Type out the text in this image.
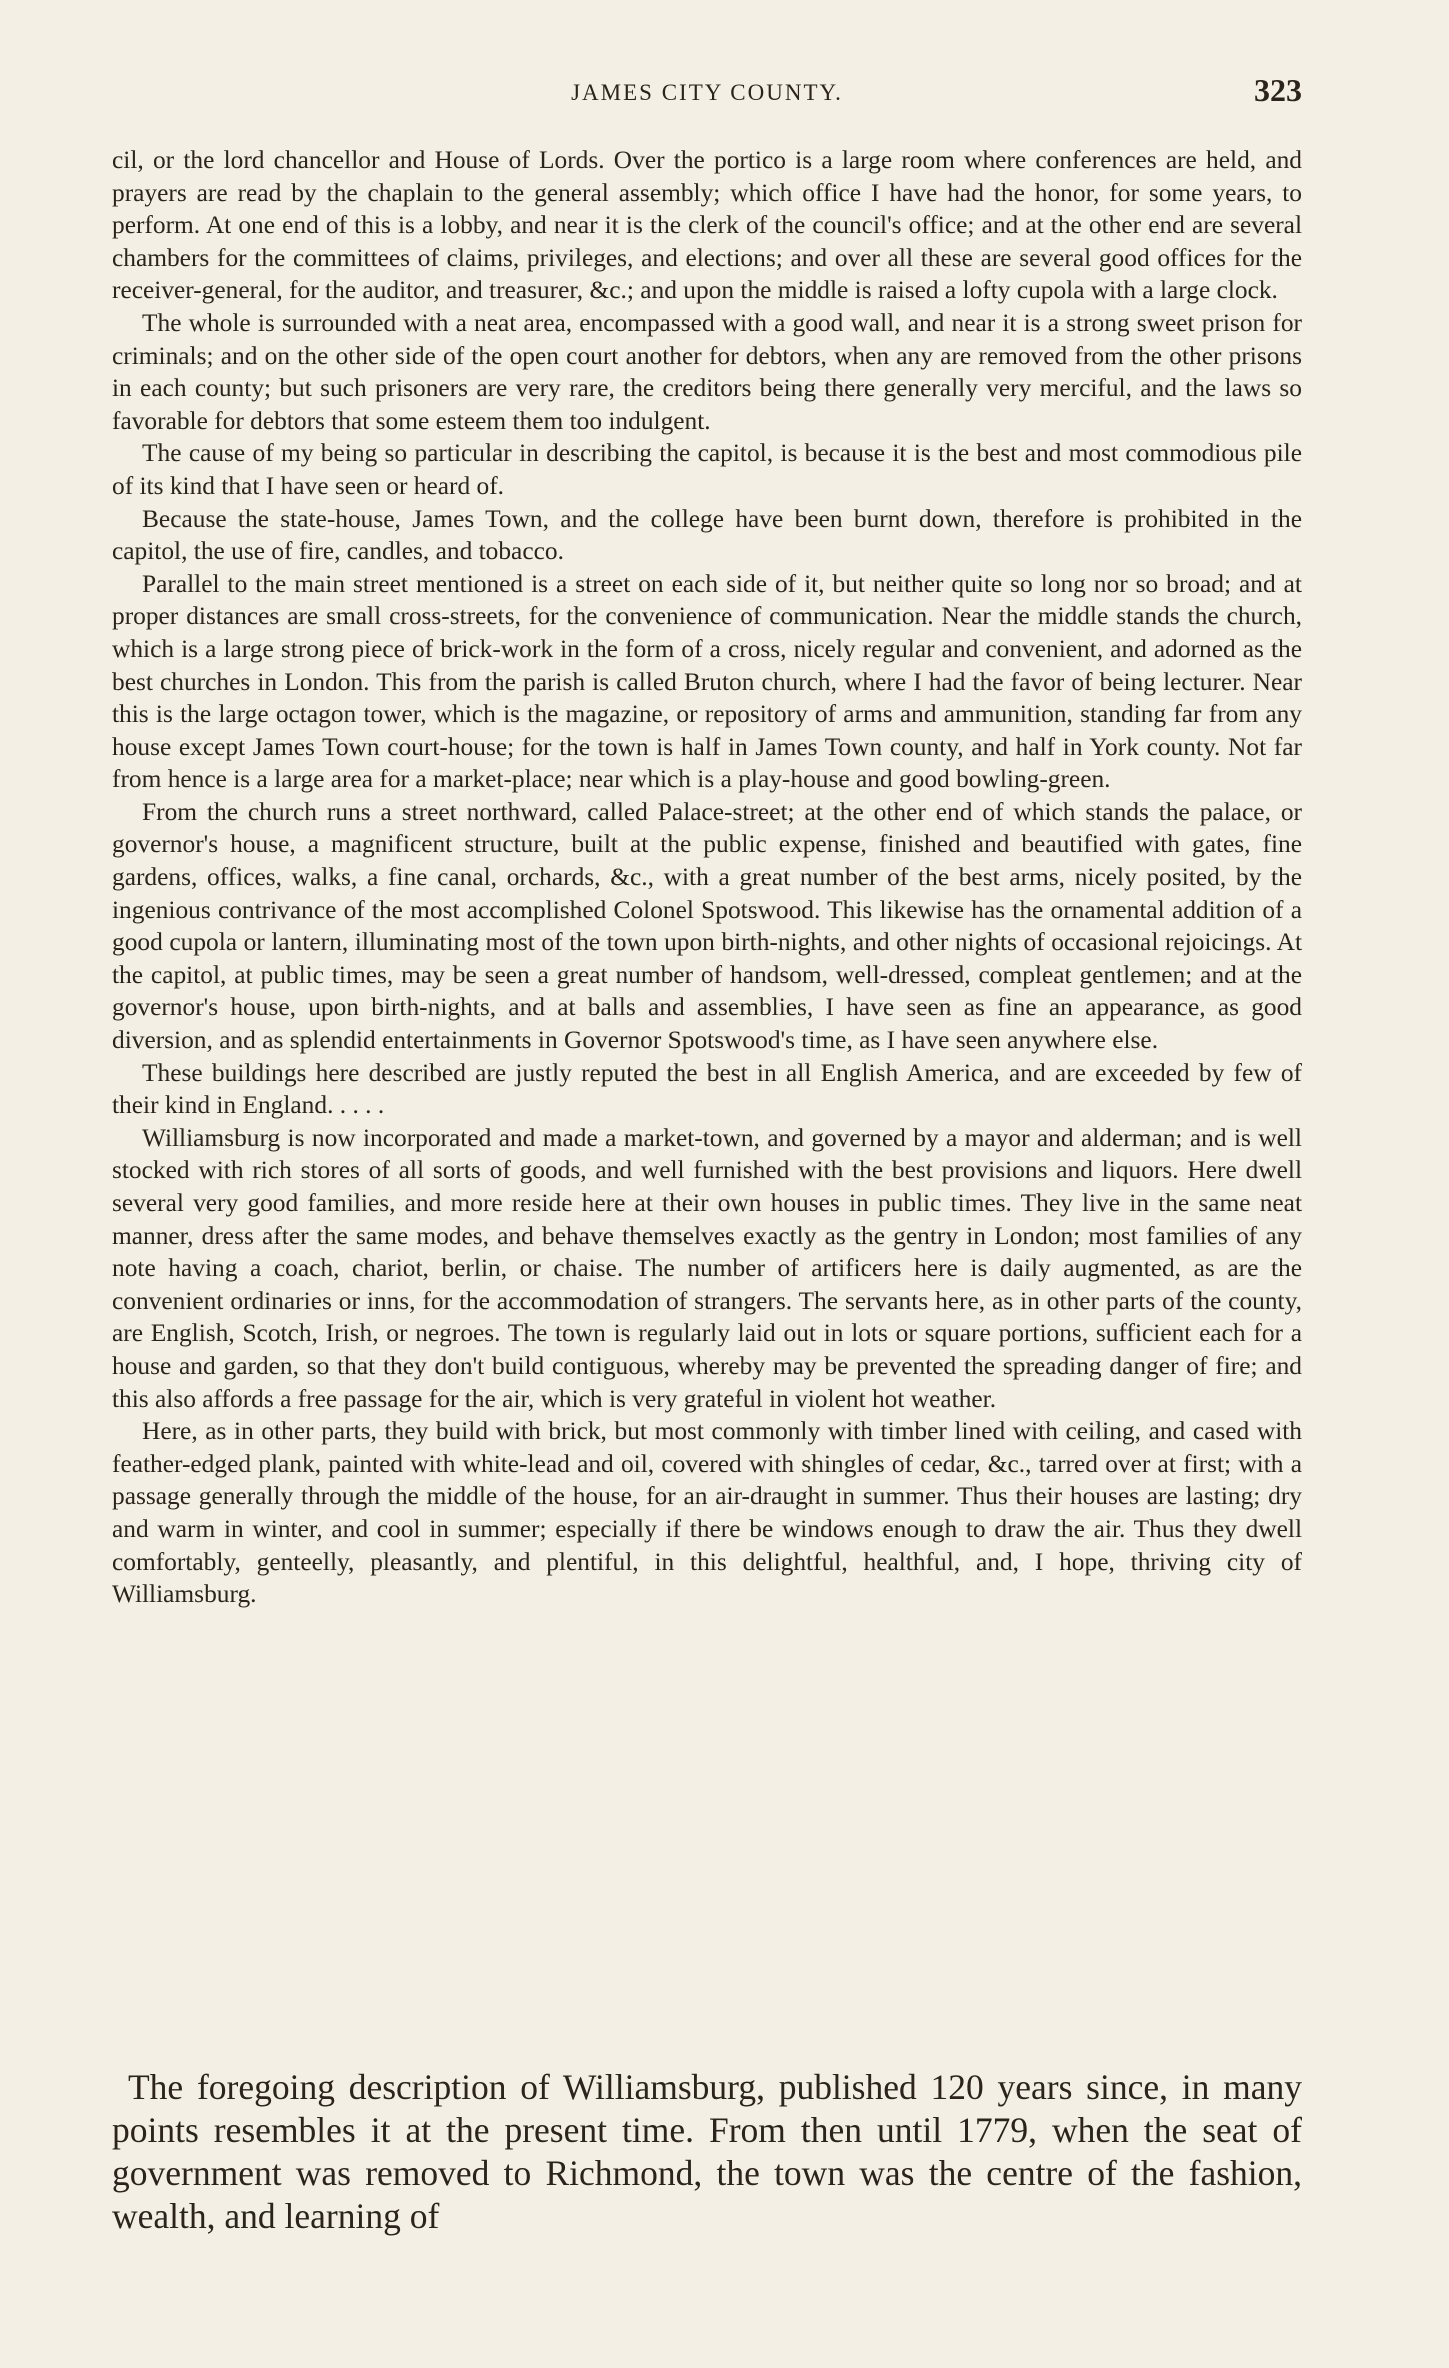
JAMES CITY COUNTY.	323

cil, or the lord chancellor and House of Lords. Over the portico is a large room where conferences are held, and prayers are read by the chaplain to the general assembly; which office I have had the honor, for some years, to perform. At one end of this is a lobby, and near it is the clerk of the council's office; and at the other end are several chambers for the committees of claims, privileges, and elections; and over all these are several good offices for the receiver-general, for the auditor, and treasurer, &c.; and upon the middle is raised a lofty cupola with a large clock.

The whole is surrounded with a neat area, encompassed with a good wall, and near it is a strong sweet prison for criminals; and on the other side of the open court another for debtors, when any are removed from the other prisons in each county; but such prisoners are very rare, the creditors being there generally very merciful, and the laws so favorable for debtors that some esteem them too indulgent.

The cause of my being so particular in describing the capitol, is because it is the best and most commodious pile of its kind that I have seen or heard of.

Because the state-house, James Town, and the college have been burnt down, therefore is prohibited in the capitol, the use of fire, candles, and tobacco.

Parallel to the main street mentioned is a street on each side of it, but neither quite so long nor so broad; and at proper distances are small cross-streets, for the convenience of communication. Near the middle stands the church, which is a large strong piece of brick-work in the form of a cross, nicely regular and convenient, and adorned as the best churches in London. This from the parish is called Bruton church, where I had the favor of being lecturer. Near this is the large octagon tower, which is the magazine, or repository of arms and ammunition, standing far from any house except James Town court-house; for the town is half in James Town county, and half in York county. Not far from hence is a large area for a market-place; near which is a play-house and good bowling-green.

From the church runs a street northward, called Palace-street; at the other end of which stands the palace, or governor's house, a magnificent structure, built at the public expense, finished and beautified with gates, fine gardens, offices, walks, a fine canal, orchards, &c., with a great number of the best arms, nicely posited, by the ingenious contrivance of the most accomplished Colonel Spotswood. This likewise has the ornamental addition of a good cupola or lantern, illuminating most of the town upon birth-nights, and other nights of occasional rejoicings. At the capitol, at public times, may be seen a great number of handsom, well-dressed, compleat gentlemen; and at the governor's house, upon birth-nights, and at balls and assemblies, I have seen as fine an appearance, as good diversion, and as splendid entertainments in Governor Spotswood's time, as I have seen anywhere else.

These buildings here described are justly reputed the best in all English America, and are exceeded by few of their kind in England. . . . .

Williamsburg is now incorporated and made a market-town, and governed by a mayor and alderman; and is well stocked with rich stores of all sorts of goods, and well furnished with the best provisions and liquors. Here dwell several very good families, and more reside here at their own houses in public times. They live in the same neat manner, dress after the same modes, and behave themselves exactly as the gentry in London; most families of any note having a coach, chariot, berlin, or chaise. The number of artificers here is daily augmented, as are the convenient ordinaries or inns, for the accommodation of strangers. The servants here, as in other parts of the county, are English, Scotch, Irish, or negroes. The town is regularly laid out in lots or square portions, sufficient each for a house and garden, so that they don't build contiguous, whereby may be prevented the spreading danger of fire; and this also affords a free passage for the air, which is very grateful in violent hot weather.

Here, as in other parts, they build with brick, but most commonly with timber lined with ceiling, and cased with feather-edged plank, painted with white-lead and oil, covered with shingles of cedar, &c., tarred over at first; with a passage generally through the middle of the house, for an air-draught in summer. Thus their houses are lasting; dry and warm in winter, and cool in summer; especially if there be windows enough to draw the air. Thus they dwell comfortably, genteelly, pleasantly, and plentiful, in this delightful, healthful, and, I hope, thriving city of Williamsburg.

The foregoing description of Williamsburg, published 120 years since, in many points resembles it at the present time. From then until 1779, when the seat of government was removed to Richmond, the town was the centre of the fashion, wealth, and learning of
